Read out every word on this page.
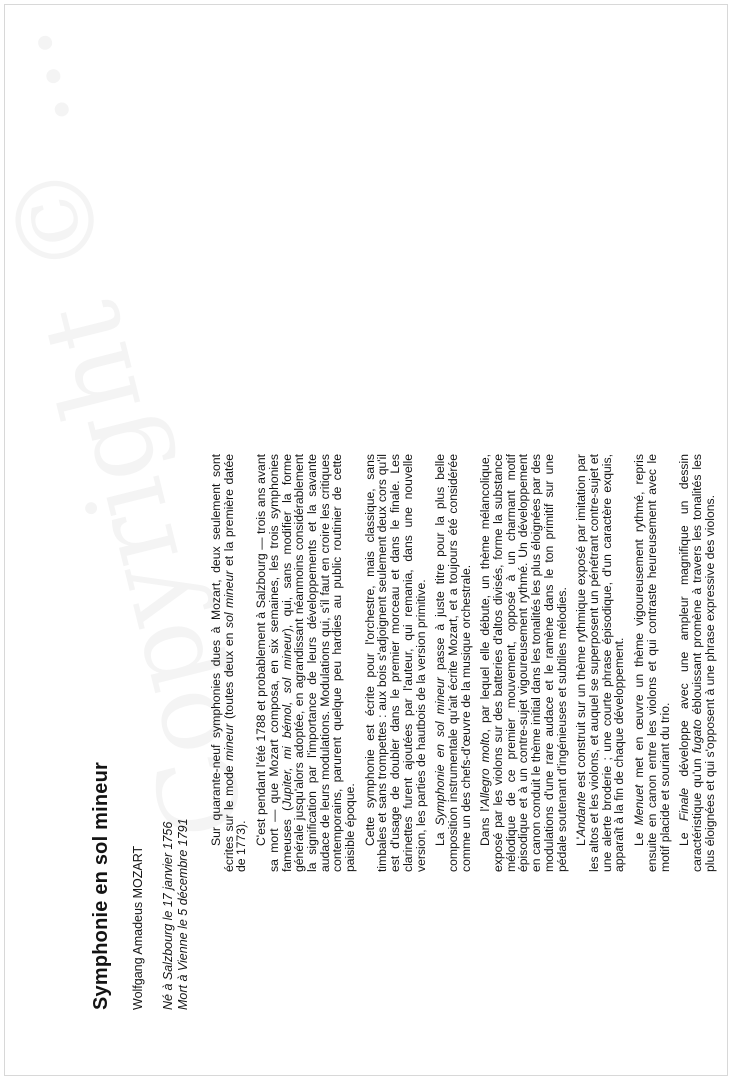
Symphonie en sol mineur Wolfgang Amadeus MOZART Né à Salzbourg le 17 janvier 1756 Mort à Vienne le 5 décembre 1791

Sur quarante-neuf symphonies dues à Mozart, deux seulement sont écrites sur le mode mineur (toutes deux en sol mineur et la première datée de 1773).

C'est pendant l'été 1788 et probablement à Salzbourg — trois ans avant sa mort — que Mozart composa, en six semaines, les trois symphonies fameuses (Jupiter, mi bémol, sol mineur), qui, sans modifier la forme générale jusqu'alors adoptée, en agrandissant néanmoins considérablement la signification par l'importance de leurs développements et la savante audace de leurs modulations. Modulations qui, s'il faut en croire les critiques contemporains, parurent quelque peu hardies au public routinier de cette paisible époque. Cette symphonie est écrite pour l'orchestre, mais classique, sans timbales et sans trompettes : aux bois s'adjoignent seulement deux cors qu'il est d'usage de doubler dans le premier morceau et dans le finale. Les clarinettes furent ajoutées par l'auteur, qui remania, dans une nouvelle version, les parties de hautbois de la version primitive. La Symphonie en sol mineur passe à juste titre pour la plus belle composition instrumentale qu'ait écrite Mozart, et a toujours été considérée comme un des chefs-d'œuvre de la musique orchestrale. Dans l'Allegro molto, par lequel elle débute, un thème mélancolique, exposé par les violons sur des batteries d'altos divisés, forme la substance mélodique de ce premier mouvement, opposé à un charmant motif épisodique et à un contre-sujet vigoureusement rythmé. Un développement en canon conduit le thème initial dans les tonalités les plus éloignées par des modulations d'une rare audace et le ramène dans le ton primitif sur une pédale soutenant d'ingénieuses et subtiles mélodies. L'Andante est construit sur un thème rythmique exposé par imitation par les altos et les violons, et auquel se superposent un pénétrant contre-sujet et une alerte broderie ; une courte phrase épisodique, d'un caractère exquis, apparaît à la fin de chaque développement. Le Menuet met en œuvre un thème vigoureusement rythmé, repris ensuite en canon entre les violons et qui contraste heureusement avec le motif placide et souriant du trio. Le Finale développe avec une ampleur magnifique un dessin caractéristique qu'un fugato éblouissant promène à travers les tonalités les plus éloignées et qui s'opposent à une phrase expressive des violons.
